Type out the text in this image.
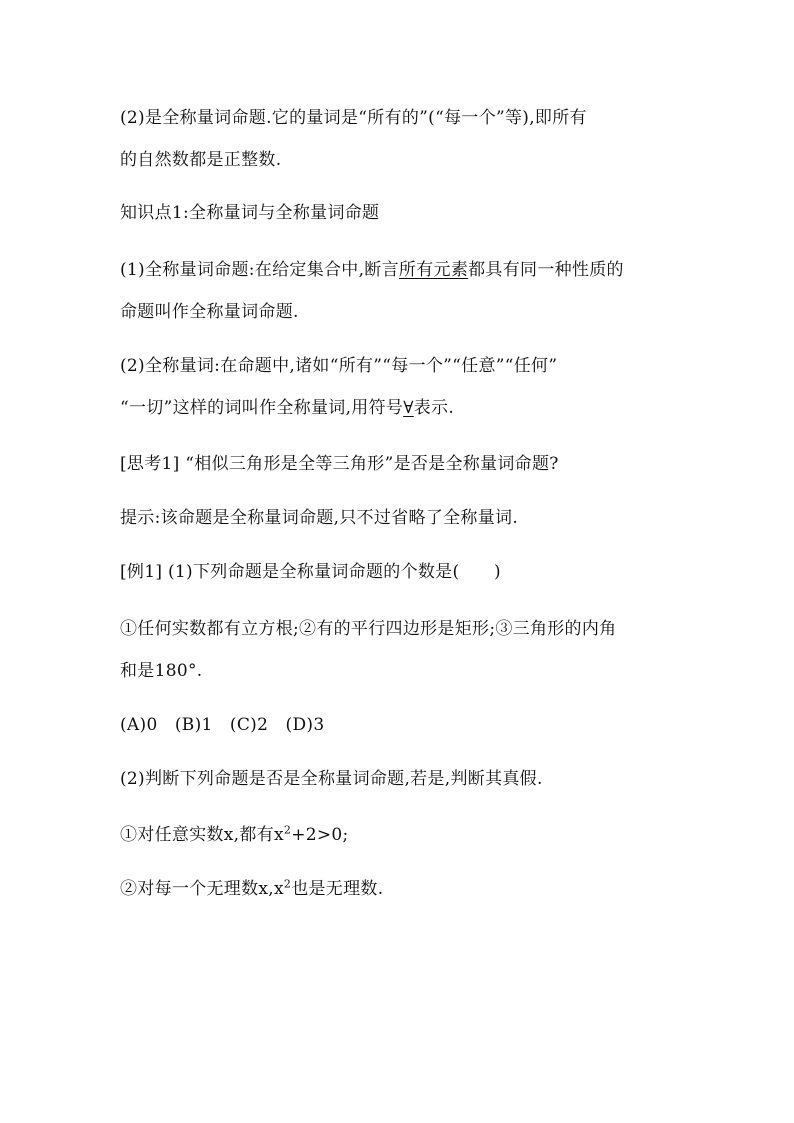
(2)是全称量词命题.它的量词是“所有的”(“每一个”等),即所有
的自然数都是正整数.
知识点1:全称量词与全称量词命题
(1)全称量词命题:在给定集合中,断言所有元素都具有同一种性质的
命题叫作全称量词命题.
(2)全称量词:在命题中,诸如“所有”“每一个”“任意”“任何”
“一切”这样的词叫作全称量词,用符号∀表示.
[思考1] “相似三角形是全等三角形”是否是全称量词命题?
提示:该命题是全称量词命题,只不过省略了全称量词.
[例1] (1)下列命题是全称量词命题的个数是(　　)
①任何实数都有立方根;②有的平行四边形是矩形;③三角形的内角
和是180°.
(A)0　(B)1　(C)2　(D)3
(2)判断下列命题是否是全称量词命题,若是,判断其真假.
①对任意实数x,都有$x^2+2>0$;
②对每一个无理数$x,x^2$也是无理数.
